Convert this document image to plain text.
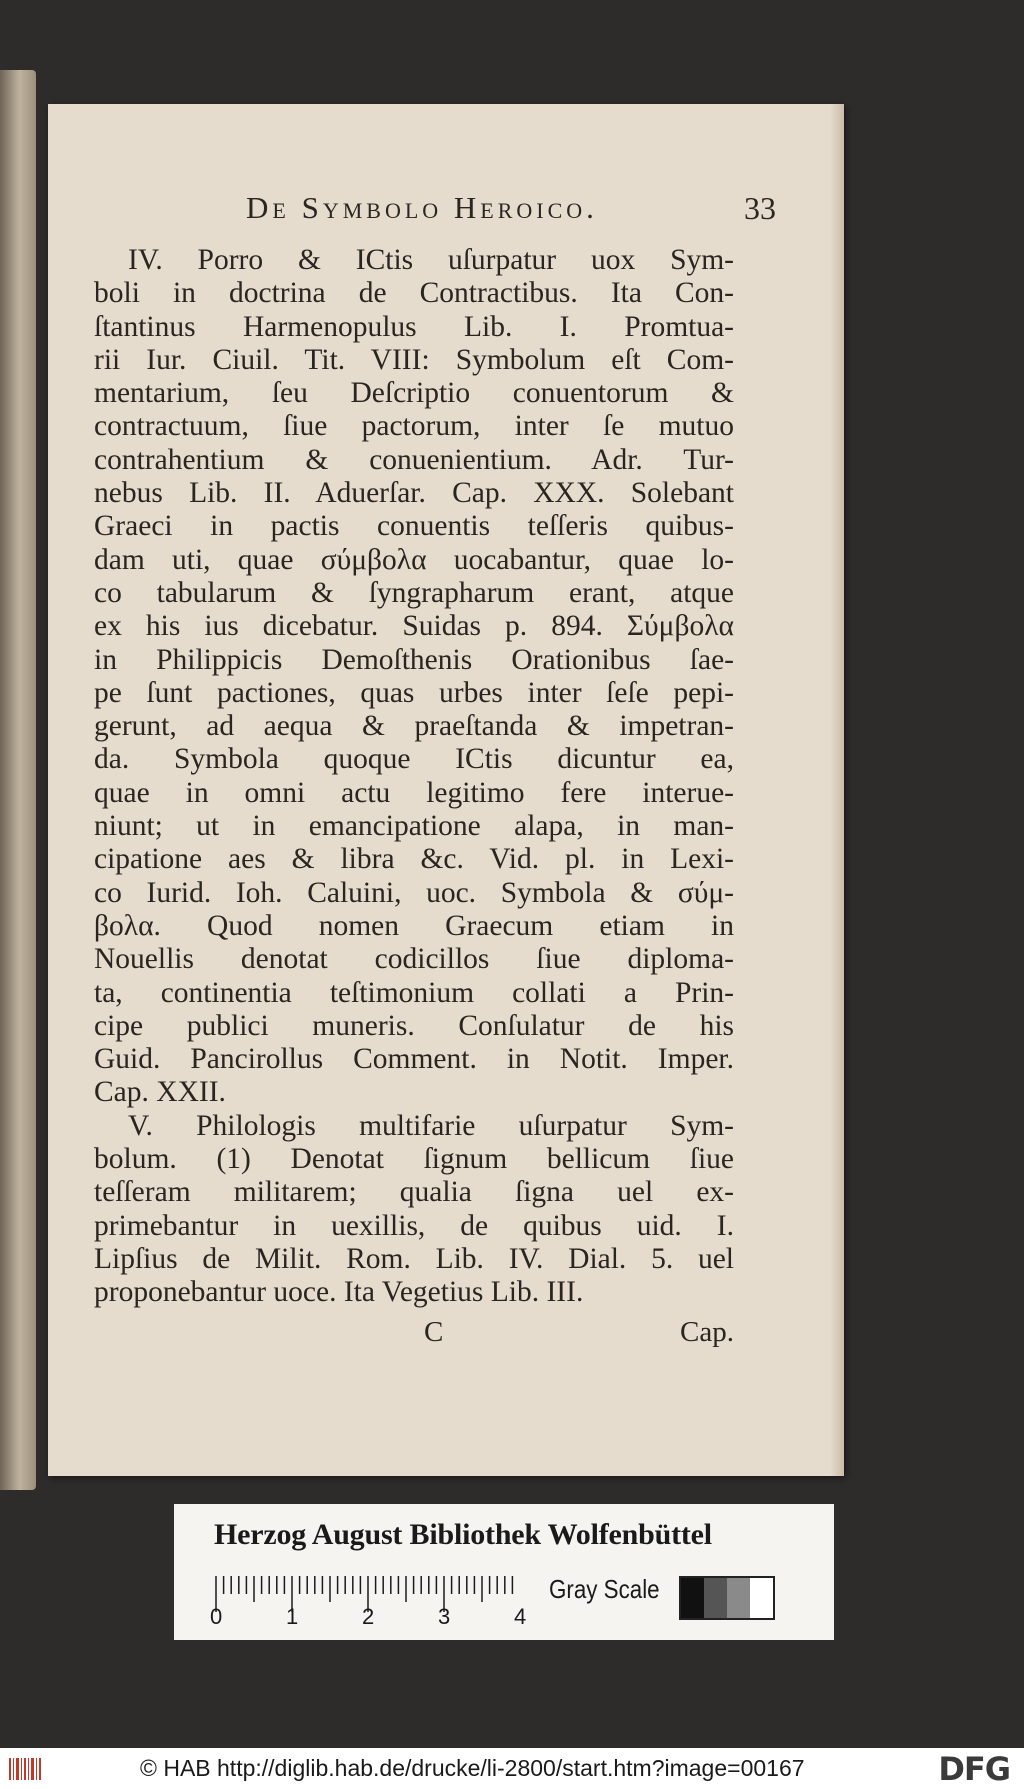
De Symbolo Heroico.	33
IV. Porro & ICtis uſurpatur uox Sym-
boli in doctrina de Contractibus. Ita Con-
ſtantinus Harmenopulus Lib. I. Promtua-
rii Iur. Ciuil. Tit. VIII: Symbolum eſt Com-
mentarium, ſeu Deſcriptio conuentorum &
contractuum, ſiue pactorum, inter ſe mutuo
contrahentium & conuenientium. Adr. Tur-
nebus Lib. II. Aduerſar. Cap. XXX. Solebant
Graeci in pactis conuentis teſſeris quibus-
dam uti, quae σύμβολα uocabantur, quae lo-
co tabularum & ſyngrapharum erant, atque
ex his ius dicebatur. Suidas p. 894. Σύμβολα
in Philippicis Demoſthenis Orationibus ſae-
pe ſunt pactiones, quas urbes inter ſeſe pepi-
gerunt, ad aequa & praeſtanda & impetran-
da. Symbola quoque ICtis dicuntur ea,
quae in omni actu legitimo fere interue-
niunt; ut in emancipatione alapa, in man-
cipatione aes & libra &c. Vid. pl. in Lexi-
co Iurid. Ioh. Caluini, uoc. Symbola & σύμ-
βολα. Quod nomen Graecum etiam in
Nouellis denotat codicillos ſiue diploma-
ta, continentia teſtimonium collati a Prin-
cipe publici muneris. Conſulatur de his
Guid. Pancirollus Comment. in Notit. Imper.
Cap. XXII.
V. Philologis multifarie uſurpatur Sym-
bolum. (1) Denotat ſignum bellicum ſiue
teſſeram militarem; qualia ſigna uel ex-
primebantur in uexillis, de quibus uid. I.
Lipſius de Milit. Rom. Lib. IV. Dial. 5. uel
proponebantur uoce. Ita Vegetius Lib. III.
C	Cap.
Herzog August Bibliothek Wolfenbüttel
0	1	2	3	4
Gray Scale
© HAB http://diglib.hab.de/drucke/li-2800/start.htm?image=00167	DFG
